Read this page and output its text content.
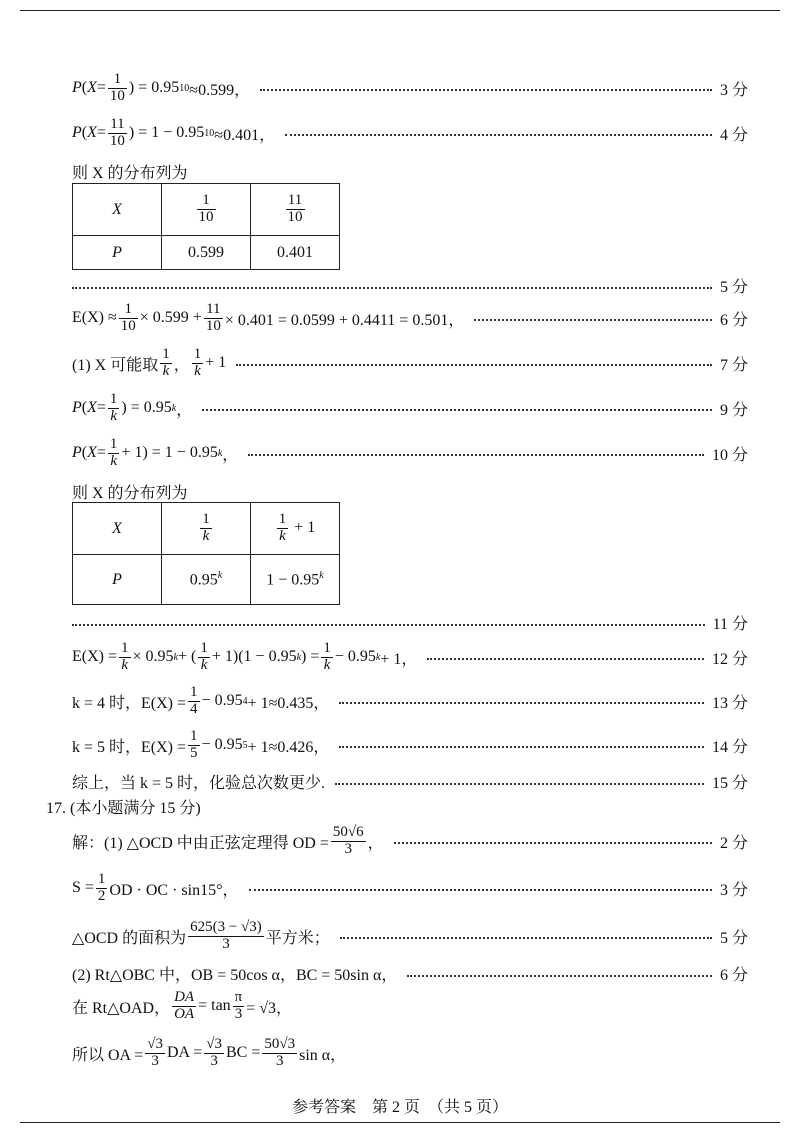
P ( $X = \frac{1}{10}$ ) = 0.95 10 ≈0.599，	3 分
P ( $X = \frac{11}{10}$ ) = 1 − 0.95 10 ≈0.401，	4 分
则 X 的分布列为
X	$\frac{1}{10}$	$\frac{11}{10}$

P	0.599	0.401
5 分
$E(X) \approx \frac{1}{10} \times 0.599 + \frac{11}{10} \times 0.401 = 0.0599 + 0.4411 = 0.501$，	6 分
(1) X 可能取 $\frac{1}{k}$ ， $\frac{1}{k} + 1$	7 分
P ( $X = \frac{1}{k}$ ) = 0.95 k ，	9 分
P ( $X = \frac{1}{k} + 1) = 1 - 0.95$ k ，	10 分
则 X 的分布列为
X	$\frac{1}{k}$	$\frac{1}{k} + 1$
P	0.95$^k$	$1 - 0.95^k$
11 分
$E(X) = \frac{1}{k} \times 0.95$ k + ( $\frac{1}{k} + 1)(1 - 0.95$ k ) = $\frac{1}{k} - 0.95$ k + 1，	12 分
k = 4 时，$E(X) = \frac{1}{4} - 0.95$ 4 + 1≈0.435，	13 分
k = 5 时，$E(X) = \frac{1}{5} - 0.95$ 5 + 1≈0.426，	14 分
综上，当 k = 5 时，化验总次数更少.	15 分
17. (本小题满分 15 分)
解：(1) △OCD 中由正弦定理得 OD = $\frac{50√6}{3}$ ，	2 分
$S = \frac{1}{2}$ OD · OC · sin15°，	3 分
△OCD 的面积为 $\frac{625(3 - √3)}{3}$ 平方米；	5 分
(2) Rt△OBC 中，OB = 50cos α，BC = 50sin α，	6 分
在 Rt△OAD， $\frac{DA}{OA} = \tan \frac{\pi}{3} = √3$，
所以 OA = $\frac{√3}{3}$ DA = $\frac{√3}{3}$ BC = $\frac{50√3}{3}$ sin α，
参考答案　第 2 页　（共 5 页）
